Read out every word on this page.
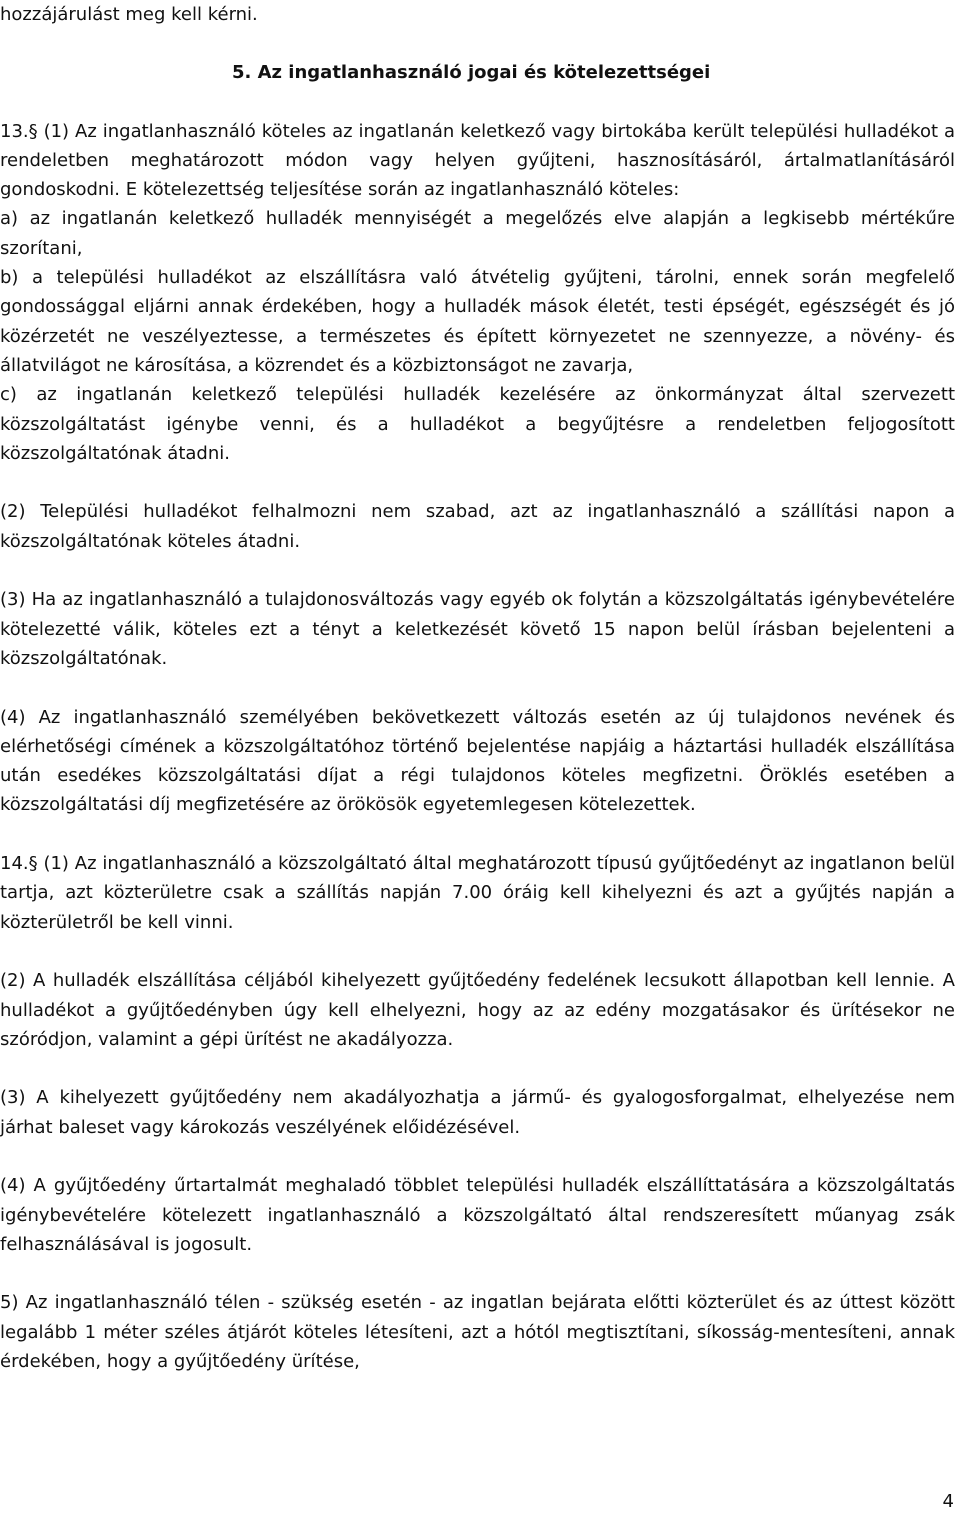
hozzájárulást meg kell kérni.

5. Az ingatlanhasználó jogai és kötelezettségei

13.§ (1) Az ingatlanhasználó köteles az ingatlanán keletkező vagy birtokába került települési hulladékot a rendeletben meghatározott módon vagy helyen gyűjteni, hasznosításáról, ártalmatlanításáról gondoskodni. E kötelezettség teljesítése során az ingatlanhasználó köteles:

a) az ingatlanán keletkező hulladék mennyiségét a megelőzés elve alapján a legkisebb mértékűre szorítani,

b) a települési hulladékot az elszállításra való átvételig gyűjteni, tárolni, ennek során megfelelő gondossággal eljárni annak érdekében, hogy a hulladék mások életét, testi épségét, egészségét és jó közérzetét ne veszélyeztesse, a természetes és épített környezetet ne szennyezze, a növény- és állatvilágot ne károsítása, a közrendet és a közbiztonságot ne zavarja,

c) az ingatlanán keletkező települési hulladék kezelésére az önkormányzat által szervezett közszolgáltatást igénybe venni, és a hulladékot a begyűjtésre a rendeletben feljogosított közszolgáltatónak átadni.

(2) Települési hulladékot felhalmozni nem szabad, azt az ingatlanhasználó a szállítási napon a közszolgáltatónak köteles átadni.

(3) Ha az ingatlanhasználó a tulajdonosváltozás vagy egyéb ok folytán a közszolgáltatás igénybevételére kötelezetté válik, köteles ezt a tényt a keletkezését követő 15 napon belül írásban bejelenteni a közszolgáltatónak.

(4) Az ingatlanhasználó személyében bekövetkezett változás esetén az új tulajdonos nevének és elérhetőségi címének a közszolgáltatóhoz történő bejelentése napjáig a háztartási hulladék elszállítása után esedékes közszolgáltatási díjat a régi tulajdonos köteles megfizetni. Öröklés esetében a közszolgáltatási díj megfizetésére az örökösök egyetemlegesen kötelezettek.

14.§ (1) Az ingatlanhasználó a közszolgáltató által meghatározott típusú gyűjtőedényt az ingatlanon belül tartja, azt közterületre csak a szállítás napján 7.00 óráig kell kihelyezni és azt a gyűjtés napján a közterületről be kell vinni.

(2) A hulladék elszállítása céljából kihelyezett gyűjtőedény fedelének lecsukott állapotban kell lennie. A hulladékot a gyűjtőedényben úgy kell elhelyezni, hogy az az edény mozgatásakor és ürítésekor ne szóródjon, valamint a gépi ürítést ne akadályozza.

(3) A kihelyezett gyűjtőedény nem akadályozhatja a jármű- és gyalogosforgalmat, elhelyezése nem járhat baleset vagy károkozás veszélyének előidézésével.

(4) A gyűjtőedény űrtartalmát meghaladó többlet települési hulladék elszállíttatására a közszolgáltatás igénybevételére kötelezett ingatlanhasználó a közszolgáltató által rendszeresített műanyag zsák felhasználásával is jogosult.

5) Az ingatlanhasználó télen - szükség esetén - az ingatlan bejárata előtti közterület és az úttest között legalább 1 méter széles átjárót köteles létesíteni, azt a hótól megtisztítani, síkosság-mentesíteni, annak érdekében, hogy a gyűjtőedény ürítése,

4
